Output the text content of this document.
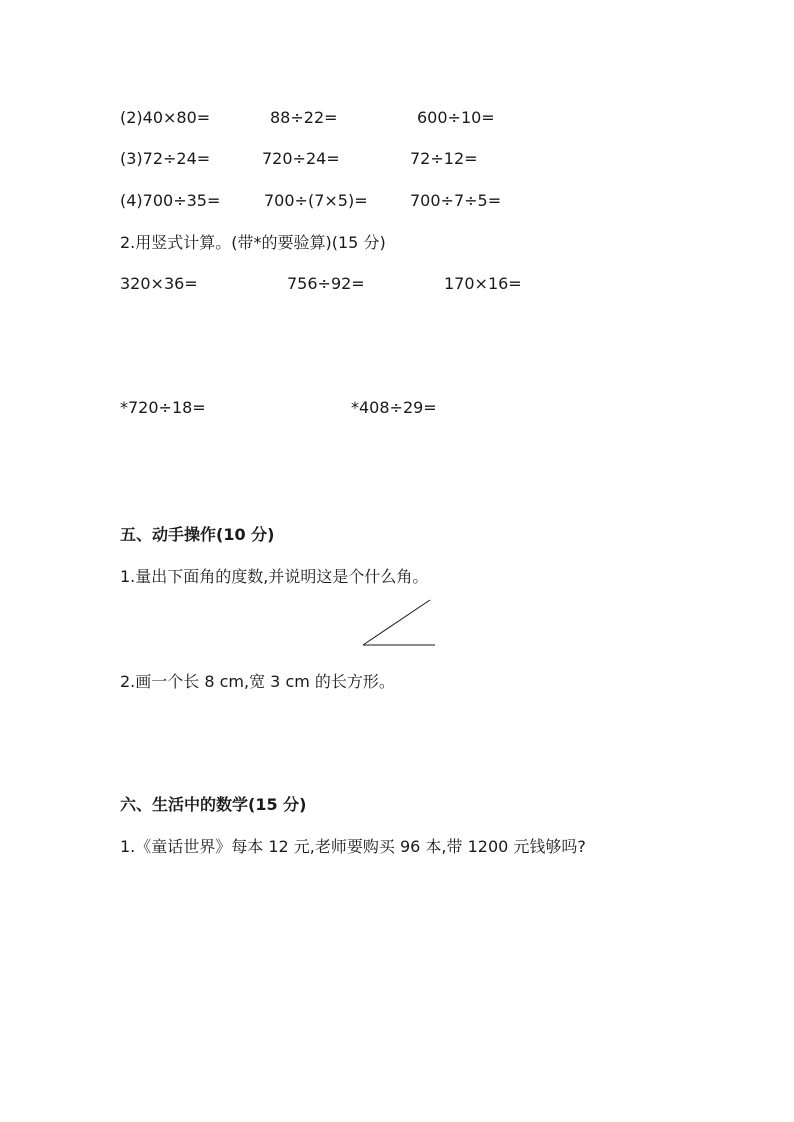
(2)40×80=	88÷22=	600÷10=
(3)72÷24=	720÷24=	72÷12=
(4)700÷35=	700÷(7×5)=	700÷7÷5=
2.用竖式计算。(带*的要验算)(15 分)
320×36=	756÷92=	170×16=
*720÷18=	*408÷29=
五、动手操作(10 分)
1.量出下面角的度数,并说明这是个什么角。
2.画一个长 8 cm,宽 3 cm 的长方形。
六、生活中的数学(15 分)
1.《童话世界》每本 12 元,老师要购买 96 本,带 1200 元钱够吗?
